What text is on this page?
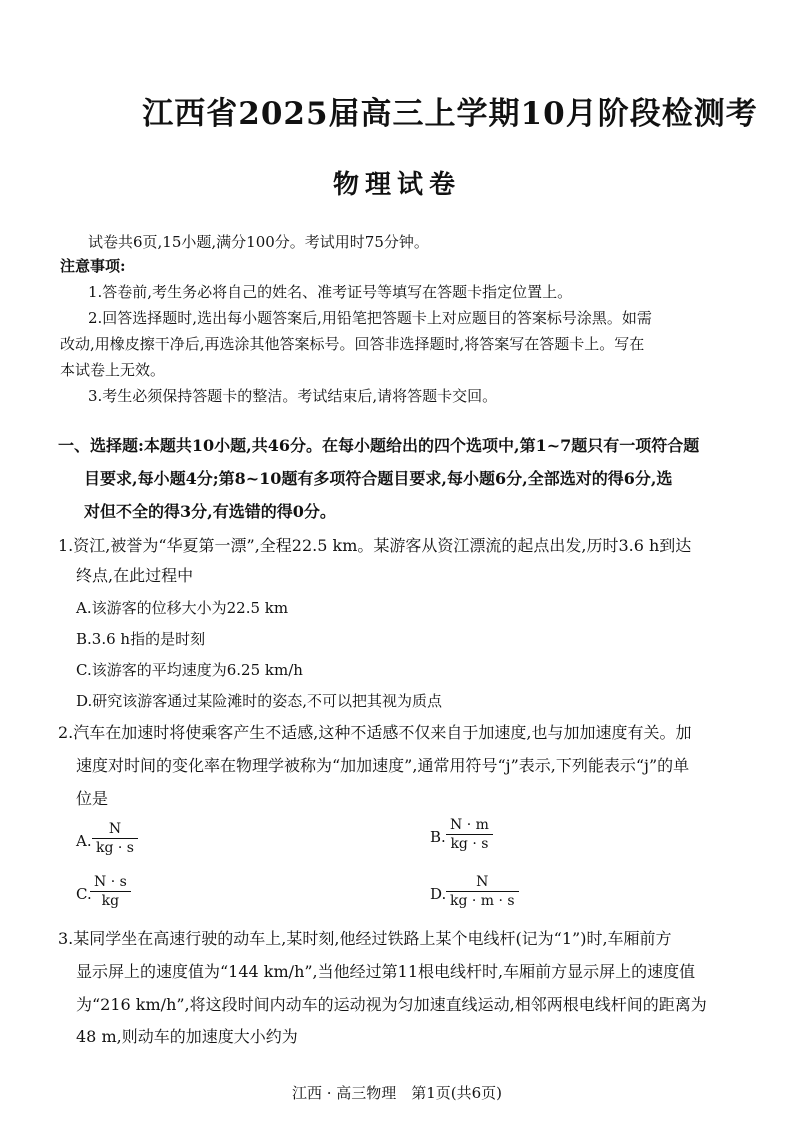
江西省2025届高三上学期10月阶段检测考
物理试卷
试卷共6页,15小题,满分100分。考试用时75分钟。
注意事项:
1.答卷前,考生务必将自己的姓名、准考证号等填写在答题卡指定位置上。
2.回答选择题时,选出每小题答案后,用铅笔把答题卡上对应题目的答案标号涂黑。如需
改动,用橡皮擦干净后,再选涂其他答案标号。回答非选择题时,将答案写在答题卡上。写在
本试卷上无效。
3.考生必须保持答题卡的整洁。考试结束后,请将答题卡交回。
一、选择题:本题共10小题,共46分。在每小题给出的四个选项中,第1~7题只有一项符合题
目要求,每小题4分;第8~10题有多项符合题目要求,每小题6分,全部选对的得6分,选
对但不全的得3分,有选错的得0分。
1.资江,被誉为“华夏第一漂”,全程22.5 km。某游客从资江漂流的起点出发,历时3.6 h到达
终点,在此过程中
A.该游客的位移大小为22.5 km
B.3.6 h指的是时刻
C.该游客的平均速度为6.25 km/h
D.研究该游客通过某险滩时的姿态,不可以把其视为质点
2.汽车在加速时将使乘客产生不适感,这种不适感不仅来自于加速度,也与加加速度有关。加
速度对时间的变化率在物理学被称为“加加速度”,通常用符号“j”表示,下列能表示“j”的单
位是
A.
N
kg · s
B.
N · m
kg · s
C.
N · s
kg	D.
N
kg · m · s
3.某同学坐在高速行驶的动车上,某时刻,他经过铁路上某个电线杆(记为“1”)时,车厢前方
显示屏上的速度值为“144 km/h”,当他经过第11根电线杆时,车厢前方显示屏上的速度值
为“216 km/h”,将这段时间内动车的运动视为匀加速直线运动,相邻两根电线杆间的距离为
48 m,则动车的加速度大小约为
江西 · 高三物理　第1页(共6页)
